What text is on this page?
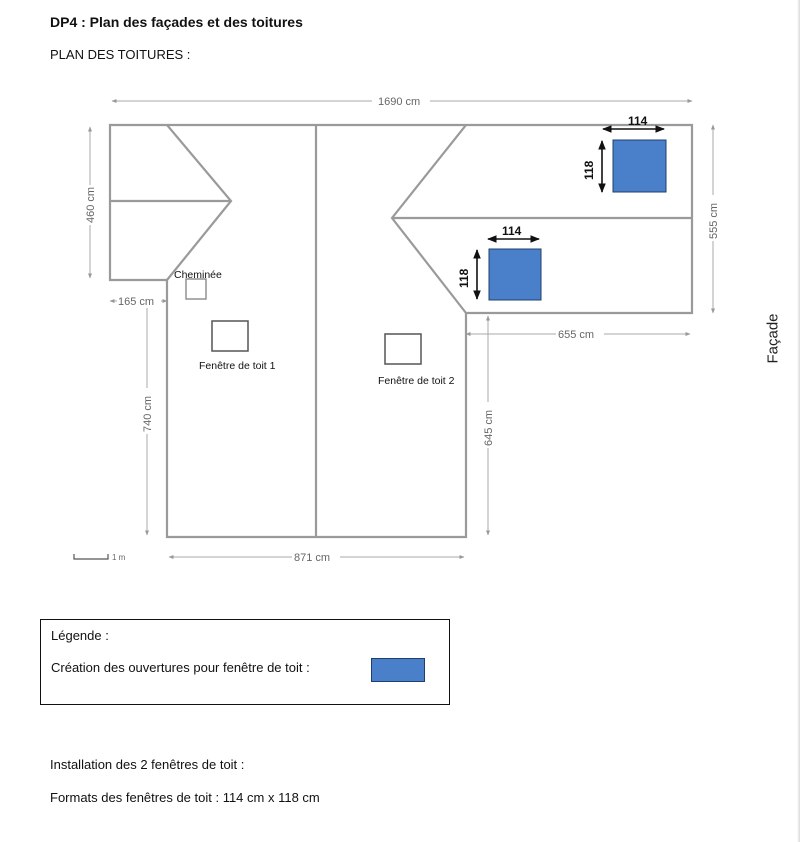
DP4 : Plan des façades et des toitures
PLAN DES TOITURES :
1690 cm
460 cm	555 cm
165 cm
655 cm
740 cm	645 cm
871 cm
114
118
114
118
Cheminée
Fenêtre de toit 1
Fenêtre de toit 2
1 m
Façade
Légende :
Création des ouvertures pour fenêtre de toit :
Installation des 2 fenêtres de toit :
Formats des fenêtres de toit : 114 cm x 118 cm
